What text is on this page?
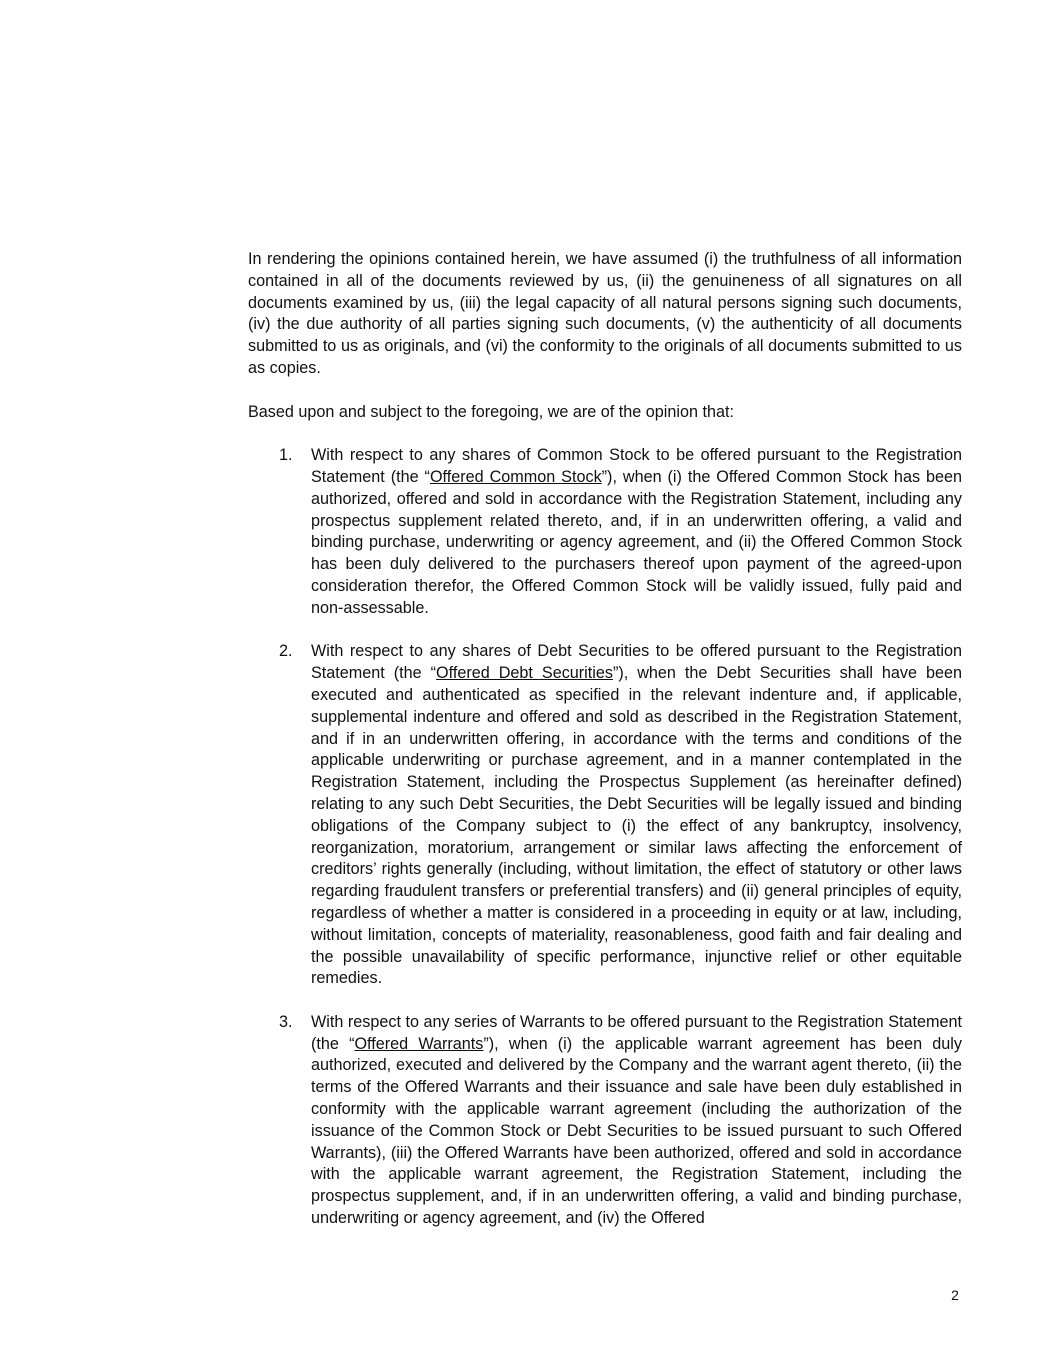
In rendering the opinions contained herein, we have assumed (i) the truthfulness of all information contained in all of the documents reviewed by us, (ii) the genuineness of all signatures on all documents examined by us, (iii) the legal capacity of all natural persons signing such documents, (iv) the due authority of all parties signing such documents, (v) the authenticity of all documents submitted to us as originals, and (vi) the conformity to the originals of all documents submitted to us as copies.

Based upon and subject to the foregoing, we are of the opinion that:

1. With respect to any shares of Common Stock to be offered pursuant to the Registration Statement (the “Offered Common Stock”), when (i) the Offered Common Stock has been authorized, offered and sold in accordance with the Registration Statement, including any prospectus supplement related thereto, and, if in an underwritten offering, a valid and binding purchase, underwriting or agency agreement, and (ii) the Offered Common Stock has been duly delivered to the purchasers thereof upon payment of the agreed-upon consideration therefor, the Offered Common Stock will be validly issued, fully paid and non-assessable.
2. With respect to any shares of Debt Securities to be offered pursuant to the Registration Statement (the “Offered Debt Securities”), when the Debt Securities shall have been executed and authenticated as specified in the relevant indenture and, if applicable, supplemental indenture and offered and sold as described in the Registration Statement, and if in an underwritten offering, in accordance with the terms and conditions of the applicable underwriting or purchase agreement, and in a manner contemplated in the Registration Statement, including the Prospectus Supplement (as hereinafter defined) relating to any such Debt Securities, the Debt Securities will be legally issued and binding obligations of the Company subject to (i) the effect of any bankruptcy, insolvency, reorganization, moratorium, arrangement or similar laws affecting the enforcement of creditors’ rights generally (including, without limitation, the effect of statutory or other laws regarding fraudulent transfers or preferential transfers) and (ii) general principles of equity, regardless of whether a matter is considered in a proceeding in equity or at law, including, without limitation, concepts of materiality, reasonableness, good faith and fair dealing and the possible unavailability of specific performance, injunctive relief or other equitable remedies.
3. With respect to any series of Warrants to be offered pursuant to the Registration Statement (the “Offered Warrants”), when (i) the applicable warrant agreement has been duly authorized, executed and delivered by the Company and the warrant agent thereto, (ii) the terms of the Offered Warrants and their issuance and sale have been duly established in conformity with the applicable warrant agreement (including the authorization of the issuance of the Common Stock or Debt Securities to be issued pursuant to such Offered Warrants), (iii) the Offered Warrants have been authorized, offered and sold in accordance with the applicable warrant agreement, the Registration Statement, including the prospectus supplement, and, if in an underwritten offering, a valid and binding purchase, underwriting or agency agreement, and (iv) the Offered
2
